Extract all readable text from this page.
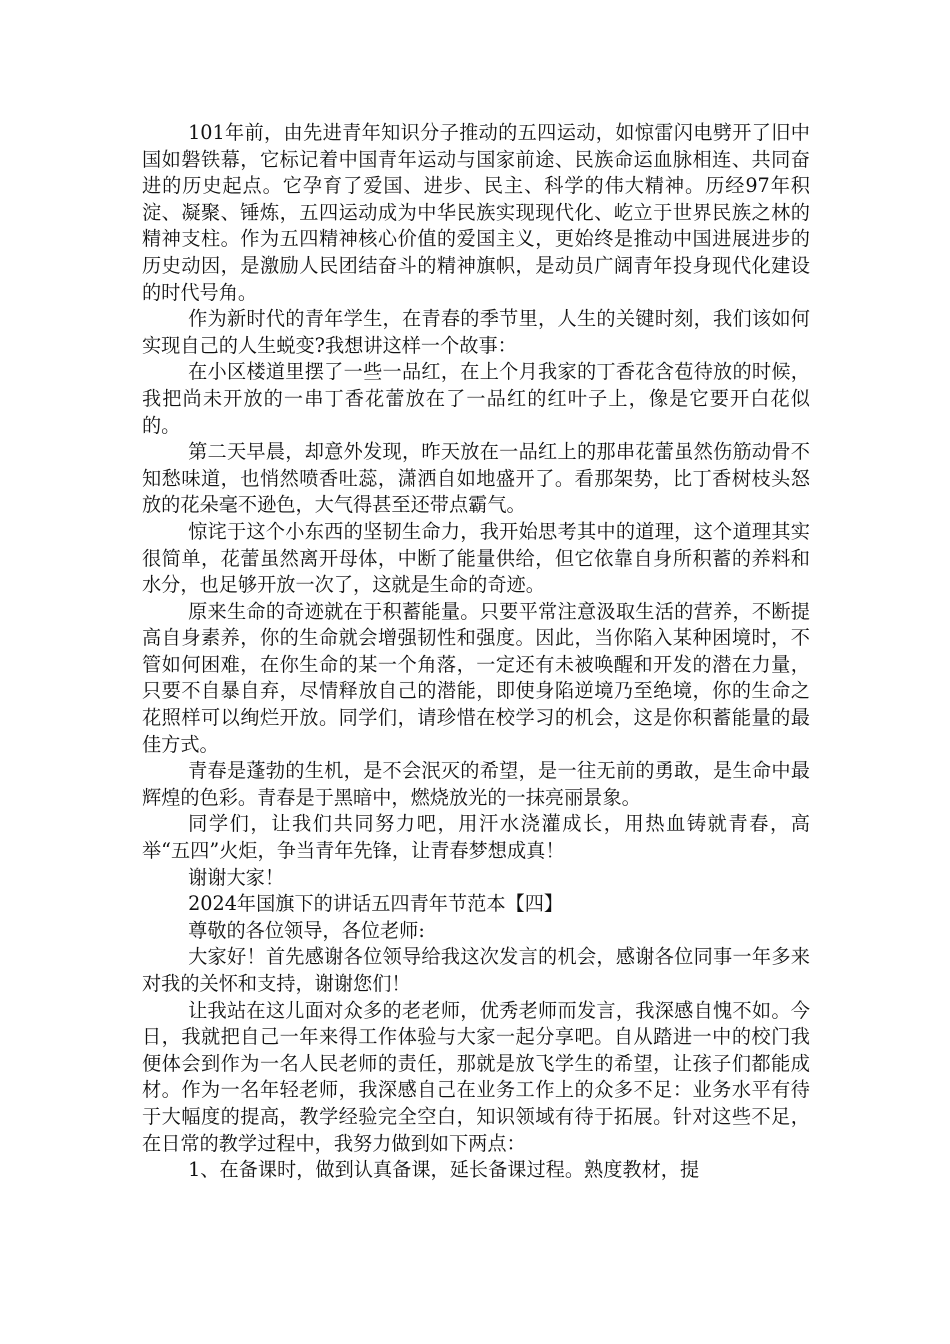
101年前，由先进青年知识分子推动的五四运动，如惊雷闪电劈开了旧中国如磐铁幕，它标记着中国青年运动与国家前途、民族命运血脉相连、共同奋进的历史起点。它孕育了爱国、进步、民主、科学的伟大精神。历经97年积淀、凝聚、锤炼，五四运动成为中华民族实现现代化、屹立于世界民族之林的精神支柱。作为五四精神核心价值的爱国主义，更始终是推动中国进展进步的历史动因，是激励人民团结奋斗的精神旗帜，是动员广阔青年投身现代化建设的时代号角。

作为新时代的青年学生，在青春的季节里，人生的关键时刻，我们该如何实现自己的人生蜕变?我想讲这样一个故事：

在小区楼道里摆了一些一品红，在上个月我家的丁香花含苞待放的时候，我把尚未开放的一串丁香花蕾放在了一品红的红叶子上，像是它要开白花似的。

第二天早晨，却意外发现，昨天放在一品红上的那串花蕾虽然伤筋动骨不知愁味道，也悄然喷香吐蕊，潇洒自如地盛开了。看那架势，比丁香树枝头怒放的花朵毫不逊色，大气得甚至还带点霸气。

惊诧于这个小东西的坚韧生命力，我开始思考其中的道理，这个道理其实很简单，花蕾虽然离开母体，中断了能量供给，但它依靠自身所积蓄的养料和水分，也足够开放一次了，这就是生命的奇迹。

原来生命的奇迹就在于积蓄能量。只要平常注意汲取生活的营养，不断提高自身素养，你的生命就会增强韧性和强度。因此，当你陷入某种困境时，不管如何困难，在你生命的某一个角落，一定还有未被唤醒和开发的潜在力量，只要不自暴自弃，尽情释放自己的潜能，即使身陷逆境乃至绝境，你的生命之花照样可以绚烂开放。同学们，请珍惜在校学习的机会，这是你积蓄能量的最佳方式。

青春是蓬勃的生机，是不会泯灭的希望，是一往无前的勇敢，是生命中最辉煌的色彩。青春是于黑暗中，燃烧放光的一抹亮丽景象。

同学们，让我们共同努力吧，用汗水浇灌成长，用热血铸就青春，高举“五四”火炬，争当青年先锋，让青春梦想成真！

谢谢大家！

2024年国旗下的讲话五四青年节范本【四】

尊敬的各位领导，各位老师:

大家好！首先感谢各位领导给我这次发言的机会，感谢各位同事一年多来对我的关怀和支持，谢谢您们！

让我站在这儿面对众多的老老师，优秀老师而发言，我深感自愧不如。今日，我就把自己一年来得工作体验与大家一起分享吧。自从踏进一中的校门我便体会到作为一名人民老师的责任，那就是放飞学生的希望，让孩子们都能成材。作为一名年轻老师，我深感自己在业务工作上的众多不足：业务水平有待于大幅度的提高，教学经验完全空白，知识领域有待于拓展。针对这些不足，在日常的教学过程中，我努力做到如下两点：

1、在备课时，做到认真备课，延长备课过程。熟度教材，提
